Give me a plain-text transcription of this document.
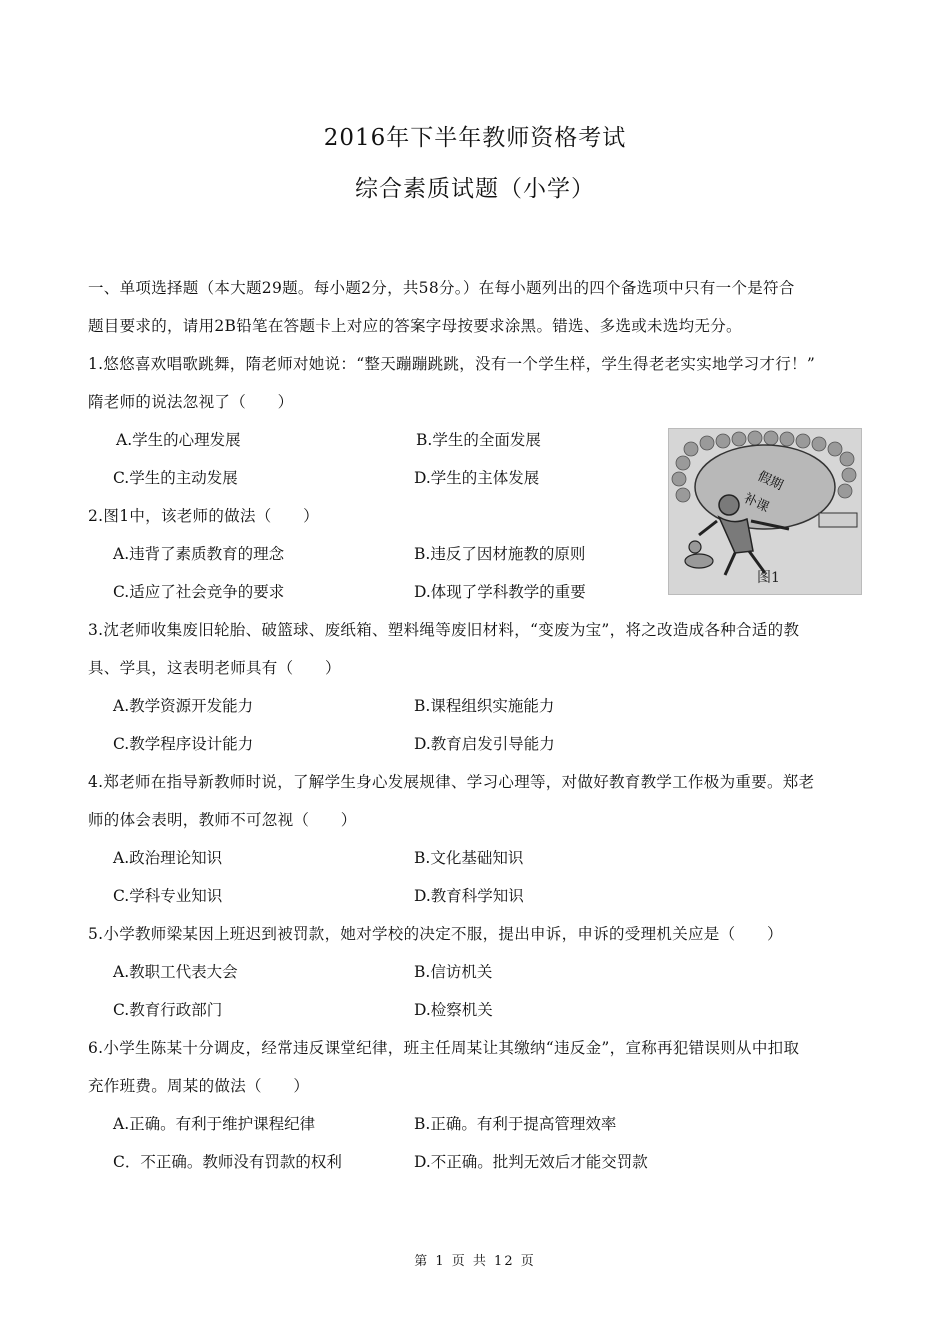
2016年下半年教师资格考试
综合素质试题（小学）
一、单项选择题（本大题29题。每小题2分，共58分。）在每小题列出的四个备选项中只有一个是符合
题目要求的，请用2B铅笔在答题卡上对应的答案字母按要求涂黑。错选、多选或未选均无分。
1.悠悠喜欢唱歌跳舞，隋老师对她说：“整天蹦蹦跳跳，没有一个学生样，学生得老老实实地学习才行！”
隋老师的说法忽视了（　　）
A.学生的心理发展	B.学生的全面发展
C.学生的主动发展	D.学生的主体发展
2.图1中，该老师的做法（　　）
A.违背了素质教育的理念	B.违反了因材施教的原则
C.适应了社会竞争的要求	D.体现了学科教学的重要
假期
补课
图1
3.沈老师收集废旧轮胎、破篮球、废纸箱、塑料绳等废旧材料，“变废为宝”，将之改造成各种合适的教
具、学具，这表明老师具有（　　）
A.教学资源开发能力	B.课程组织实施能力
C.教学程序设计能力	D.教育启发引导能力
4.郑老师在指导新教师时说，了解学生身心发展规律、学习心理等，对做好教育教学工作极为重要。郑老
师的体会表明，教师不可忽视（　　）
A.政治理论知识	B.文化基础知识
C.学科专业知识	D.教育科学知识
5.小学教师梁某因上班迟到被罚款，她对学校的决定不服，提出申诉，申诉的受理机关应是（　　）
A.教职工代表大会	B.信访机关
C.教育行政部门	D.检察机关
6.小学生陈某十分调皮，经常违反课堂纪律，班主任周某让其缴纳“违反金”，宣称再犯错误则从中扣取
充作班费。周某的做法（　　）
A.正确。有利于维护课程纪律	B.正确。有利于提高管理效率
C．不正确。教师没有罚款的权利	D.不正确。批判无效后才能交罚款
第 1 页 共 12 页
